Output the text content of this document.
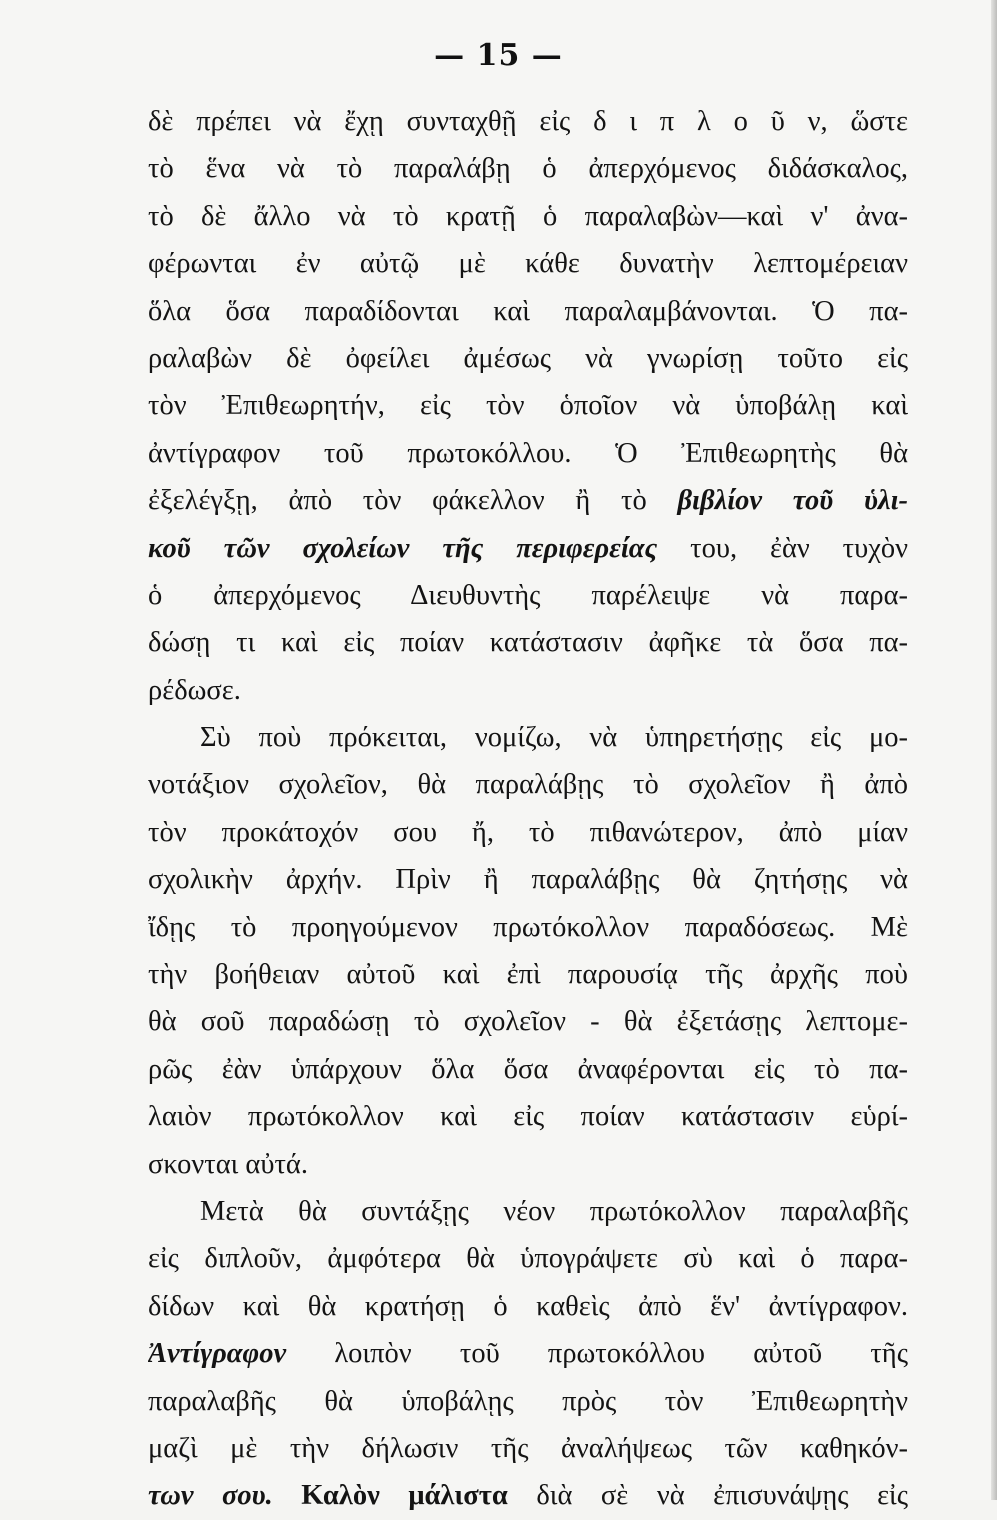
— 15 —
δὲ πρέπει νὰ ἔχῃ συνταχθῇ εἰς δ ι π λ ο ῦ ν, ὥστε
τὸ ἕνα νὰ τὸ παραλάβῃ ὁ ἀπερχόμενος διδάσκαλος,
τὸ δὲ ἄλλο νὰ τὸ κρατῇ ὁ παραλαβὼν—καὶ ν' ἀνα-
φέρωνται ἐν αὐτῷ μὲ κάθε δυνατὴν λεπτομέρειαν
ὅλα ὅσα παραδίδονται καὶ παραλαμβάνονται. Ὁ πα-
ραλαβὼν δὲ ὀφείλει ἀμέσως νὰ γνωρίσῃ τοῦτο εἰς
τὸν Ἐπιθεωρητήν, εἰς τὸν ὁποῖον νὰ ὑποβάλῃ καὶ
ἀντίγραφον τοῦ πρωτοκόλλου. Ὁ Ἐπιθεωρητὴς θὰ
ἐξελέγξῃ, ἀπὸ τὸν φάκελλον ἢ τὸ βιβλίον τοῦ ὑλι-
κοῦ τῶν σχολείων τῆς περιφερείας του, ἐὰν τυχὸν
ὁ ἀπερχόμενος Διευθυντὴς παρέλειψε νὰ παρα-
δώσῃ τι καὶ εἰς ποίαν κατάστασιν ἀφῆκε τὰ ὅσα πα-
ρέδωσε.
Σὺ ποὺ πρόκειται, νομίζω, νὰ ὑπηρετήσῃς εἰς μο-
νοτάξιον σχολεῖον, θὰ παραλάβῃς τὸ σχολεῖον ἢ ἀπὸ
τὸν προκάτοχόν σου ἤ, τὸ πιθανώτερον, ἀπὸ μίαν
σχολικὴν ἀρχήν. Πρὶν ἢ παραλάβῃς θὰ ζητήσῃς νὰ
ἴδῃς τὸ προηγούμενον πρωτόκολλον παραδόσεως. Μὲ
τὴν βοήθειαν αὐτοῦ καὶ ἐπὶ παρουσίᾳ τῆς ἀρχῆς ποὺ
θὰ σοῦ παραδώσῃ τὸ σχολεῖον - θὰ ἐξετάσῃς λεπτομε-
ρῶς ἐὰν ὑπάρχουν ὅλα ὅσα ἀναφέρονται εἰς τὸ πα-
λαιὸν πρωτόκολλον καὶ εἰς ποίαν κατάστασιν εὑρί-
σκονται αὐτά.
Μετὰ θὰ συντάξῃς νέον πρωτόκολλον παραλαβῆς
εἰς διπλοῦν, ἀμφότερα θὰ ὑπογράψετε σὺ καὶ ὁ παρα-
δίδων καὶ θὰ κρατήσῃ ὁ καθεὶς ἀπὸ ἕν' ἀντίγραφον.
Ἀντίγραφον λοιπὸν τοῦ πρωτοκόλλου αὐτοῦ τῆς
παραλαβῆς θὰ ὑποβάλῃς πρὸς τὸν Ἐπιθεωρητὴν
μαζὶ μὲ τὴν δήλωσιν τῆς ἀναλήψεως τῶν καθηκόν-
των σου. Καλὸν μάλιστα διὰ σὲ νὰ ἐπισυνάψῃς εἰς
